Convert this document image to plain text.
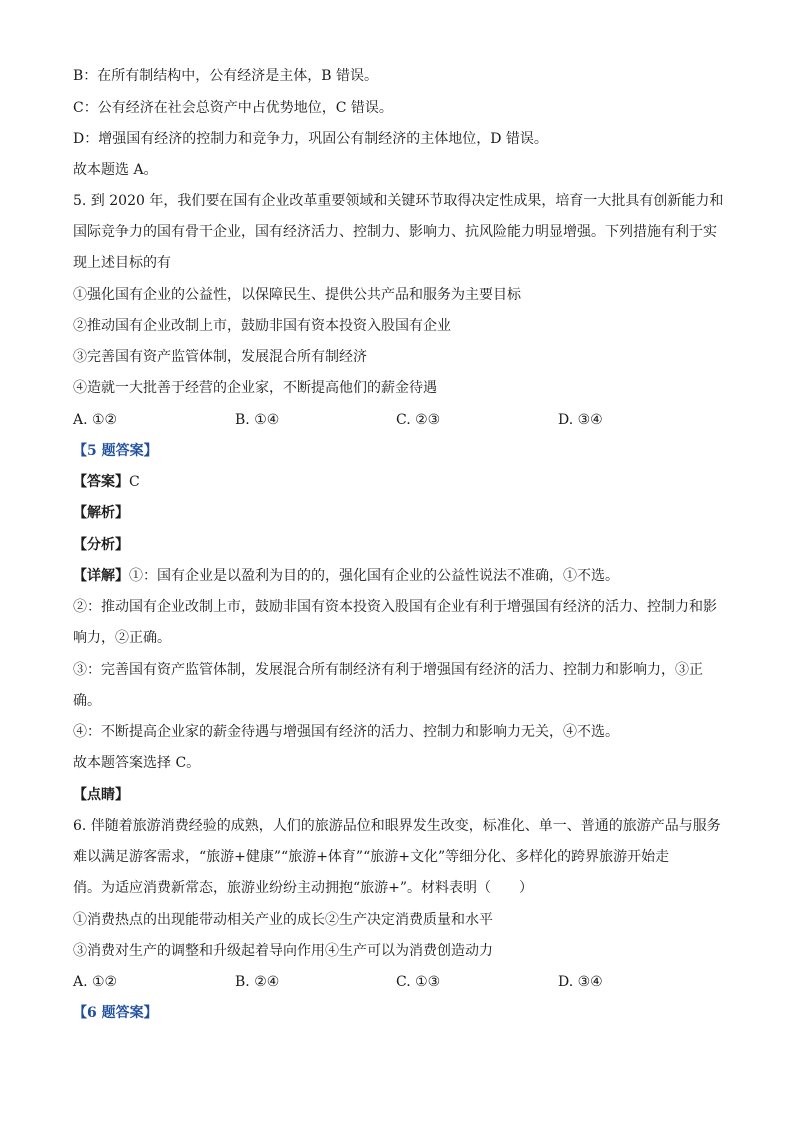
B：在所有制结构中，公有经济是主体，B 错误。
C：公有经济在社会总资产中占优势地位，C 错误。
D：增强国有经济的控制力和竞争力，巩固公有制经济的主体地位，D 错误。
故本题选 A。
5. 到 2020 年，我们要在国有企业改革重要领域和关键环节取得决定性成果，培育一大批具有创新能力和
国际竞争力的国有骨干企业，国有经济活力、控制力、影响力、抗风险能力明显增强。下列措施有利于实
现上述目标的有
①强化国有企业的公益性，以保障民生、提供公共产品和服务为主要目标
②推动国有企业改制上市，鼓励非国有资本投资入股国有企业
③完善国有资产监管体制，发展混合所有制经济
④造就一大批善于经营的企业家，不断提高他们的薪金待遇
A. ①②	B. ①④	C. ②③	D. ③④
【5 题答案】
【答案】C
【解析】
【分析】
【详解】①：国有企业是以盈利为目的的，强化国有企业的公益性说法不准确，①不选。
②：推动国有企业改制上市，鼓励非国有资本投资入股国有企业有利于增强国有经济的活力、控制力和影
响力，②正确。
③：完善国有资产监管体制，发展混合所有制经济有利于增强国有经济的活力、控制力和影响力，③正
确。
④：不断提高企业家的薪金待遇与增强国有经济的活力、控制力和影响力无关，④不选。
故本题答案选择 C。
【点睛】
6. 伴随着旅游消费经验的成熟，人们的旅游品位和眼界发生改变，标准化、单一、普通的旅游产品与服务
难以满足游客需求，“旅游+健康”“旅游+体育”“旅游+文化”等细分化、多样化的跨界旅游开始走
俏。为适应消费新常态，旅游业纷纷主动拥抱“旅游+”。材料表明（　　）
①消费热点的出现能带动相关产业的成长②生产决定消费质量和水平
③消费对生产的调整和升级起着导向作用④生产可以为消费创造动力
A. ①②	B. ②④	C. ①③	D. ③④
【6 题答案】
